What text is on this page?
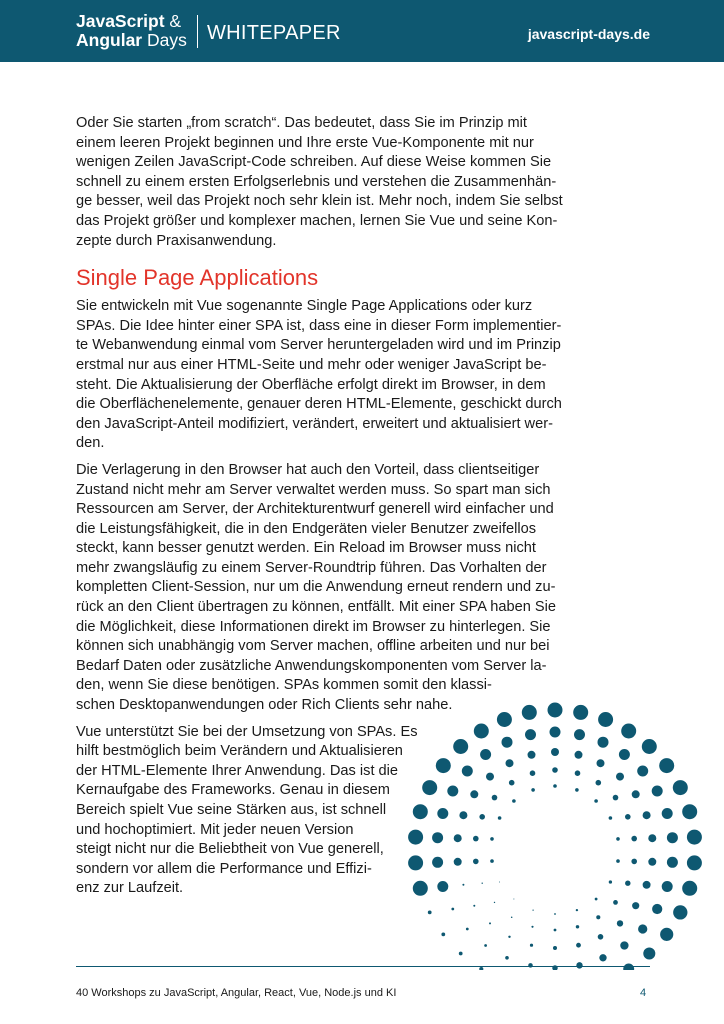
JavaScript &
Angular Days WHITEPAPER	javascript-days.de

Oder Sie starten „from scratch“. Das bedeutet, dass Sie im Prinzip mit
einem leeren Projekt beginnen und Ihre erste Vue-Komponente mit nur
wenigen Zeilen JavaScript-Code schreiben. Auf diese Weise kommen Sie
schnell zu einem ersten Erfolgserlebnis und verstehen die Zusammenhän-
ge besser, weil das Projekt noch sehr klein ist. Mehr noch, indem Sie selbst
das Projekt größer und komplexer machen, lernen Sie Vue und seine Kon-
zepte durch Praxisanwendung.

Single Page Applications

Sie entwickeln mit Vue sogenannte Single Page Applications oder kurz
SPAs. Die Idee hinter einer SPA ist, dass eine in dieser Form implementier-
te Webanwendung einmal vom Server heruntergeladen wird und im Prinzip
erstmal nur aus einer HTML-Seite und mehr oder weniger JavaScript be-
steht. Die Aktualisierung der Oberfläche erfolgt direkt im Browser, in dem
die Oberflächenelemente, genauer deren HTML-Elemente, geschickt durch
den JavaScript-Anteil modifiziert, verändert, erweitert und aktualisiert wer-
den.

Die Verlagerung in den Browser hat auch den Vorteil, dass clientseitiger
Zustand nicht mehr am Server verwaltet werden muss. So spart man sich
Ressourcen am Server, der Architekturentwurf generell wird einfacher und
die Leistungsfähigkeit, die in den Endgeräten vieler Benutzer zweifellos
steckt, kann besser genutzt werden. Ein Reload im Browser muss nicht
mehr zwangsläufig zu einem Server-Roundtrip führen. Das Vorhalten der
kompletten Client-Session, nur um die Anwendung erneut rendern und zu-
rück an den Client übertragen zu können, entfällt. Mit einer SPA haben Sie
die Möglichkeit, diese Informationen direkt im Browser zu hinterlegen. Sie
können sich unabhängig vom Server machen, offline arbeiten und nur bei
Bedarf Daten oder zusätzliche Anwendungskomponenten vom Server la-
den, wenn Sie diese benötigen. SPAs kommen somit den klassi-
schen Desktopanwendungen oder Rich Clients sehr nahe.

Vue unterstützt Sie bei der Umsetzung von SPAs. Es
hilft bestmöglich beim Verändern und Aktualisieren
der HTML-Elemente Ihrer Anwendung. Das ist die
Kernaufgabe des Frameworks. Genau in diesem
Bereich spielt Vue seine Stärken aus, ist schnell
und hochoptimiert. Mit jeder neuen Version
steigt nicht nur die Beliebtheit von Vue generell,
sondern vor allem die Performance und Effizi-
enz zur Laufzeit.

40 Workshops zu JavaScript, Angular, React, Vue, Node.js und KI	4
